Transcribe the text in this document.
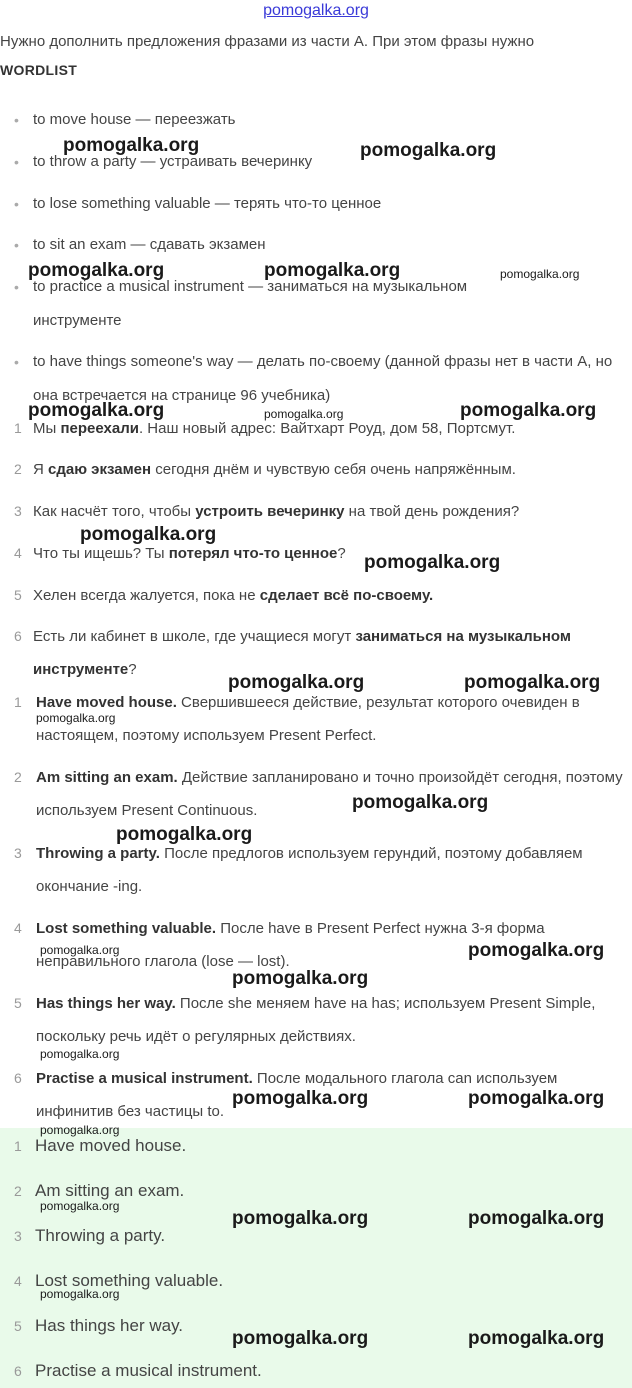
pomogalka.org
Нужно дополнить предложения фразами из части А. При этом фразы нужно
WORDLIST
• to move house — переезжать
• to throw a party — устраивать вечеринку
• to lose something valuable — терять что-то ценное
• to sit an exam — сдавать экзамен
• to practice a musical instrument — заниматься на музыкальном инструменте
• to have things someone's way — делать по-своему (данной фразы нет в части А, но она встречается на странице 96 учебника)
1 Мы переехали. Наш новый адрес: Вайтхарт Роуд, дом 58, Портсмут.
2 Я сдаю экзамен сегодня днём и чувствую себя очень напряжённым.
3 Как насчёт того, чтобы устроить вечеринку на твой день рождения?
4 Что ты ищешь? Ты потерял что-то ценное?
5 Хелен всегда жалуется, пока не сделает всё по-своему.
6 Есть ли кабинет в школе, где учащиеся могут заниматься на музыкальном инструменте?
1 Have moved house. Свершившееся действие, результат которого очевиден в настоящем, поэтому используем Present Perfect.
2 Am sitting an exam. Действие запланировано и точно произойдёт сегодня, поэтому используем Present Continuous.
3 Throwing a party. После предлогов используем герундий, поэтому добавляем окончание -ing.
4 Lost something valuable. После have в Present Perfect нужна 3-я форма неправильного глагола (lose — lost).
5 Has things her way. После she меняем have на has; используем Present Simple, поскольку речь идёт о регулярных действиях.
6 Practise a musical instrument. После модального глагола can используем инфинитив без частицы to.
1 Have moved house.
2 Am sitting an exam.
3 Throwing a party.
4 Lost something valuable.
5 Has things her way.
6 Practise a musical instrument.
pomogalka.org	pomogalka.org
pomogalka.org	pomogalka.org	pomogalka.org
pomogalka.org	pomogalka.org	pomogalka.org
pomogalka.org
pomogalka.org
pomogalka.org	pomogalka.org
pomogalka.org
pomogalka.org
pomogalka.org
pomogalka.org	pomogalka.org
pomogalka.org
pomogalka.org
pomogalka.org	pomogalka.org
pomogalka.org
pomogalka.org
pomogalka.org	pomogalka.org
pomogalka.org
pomogalka.org	pomogalka.org
